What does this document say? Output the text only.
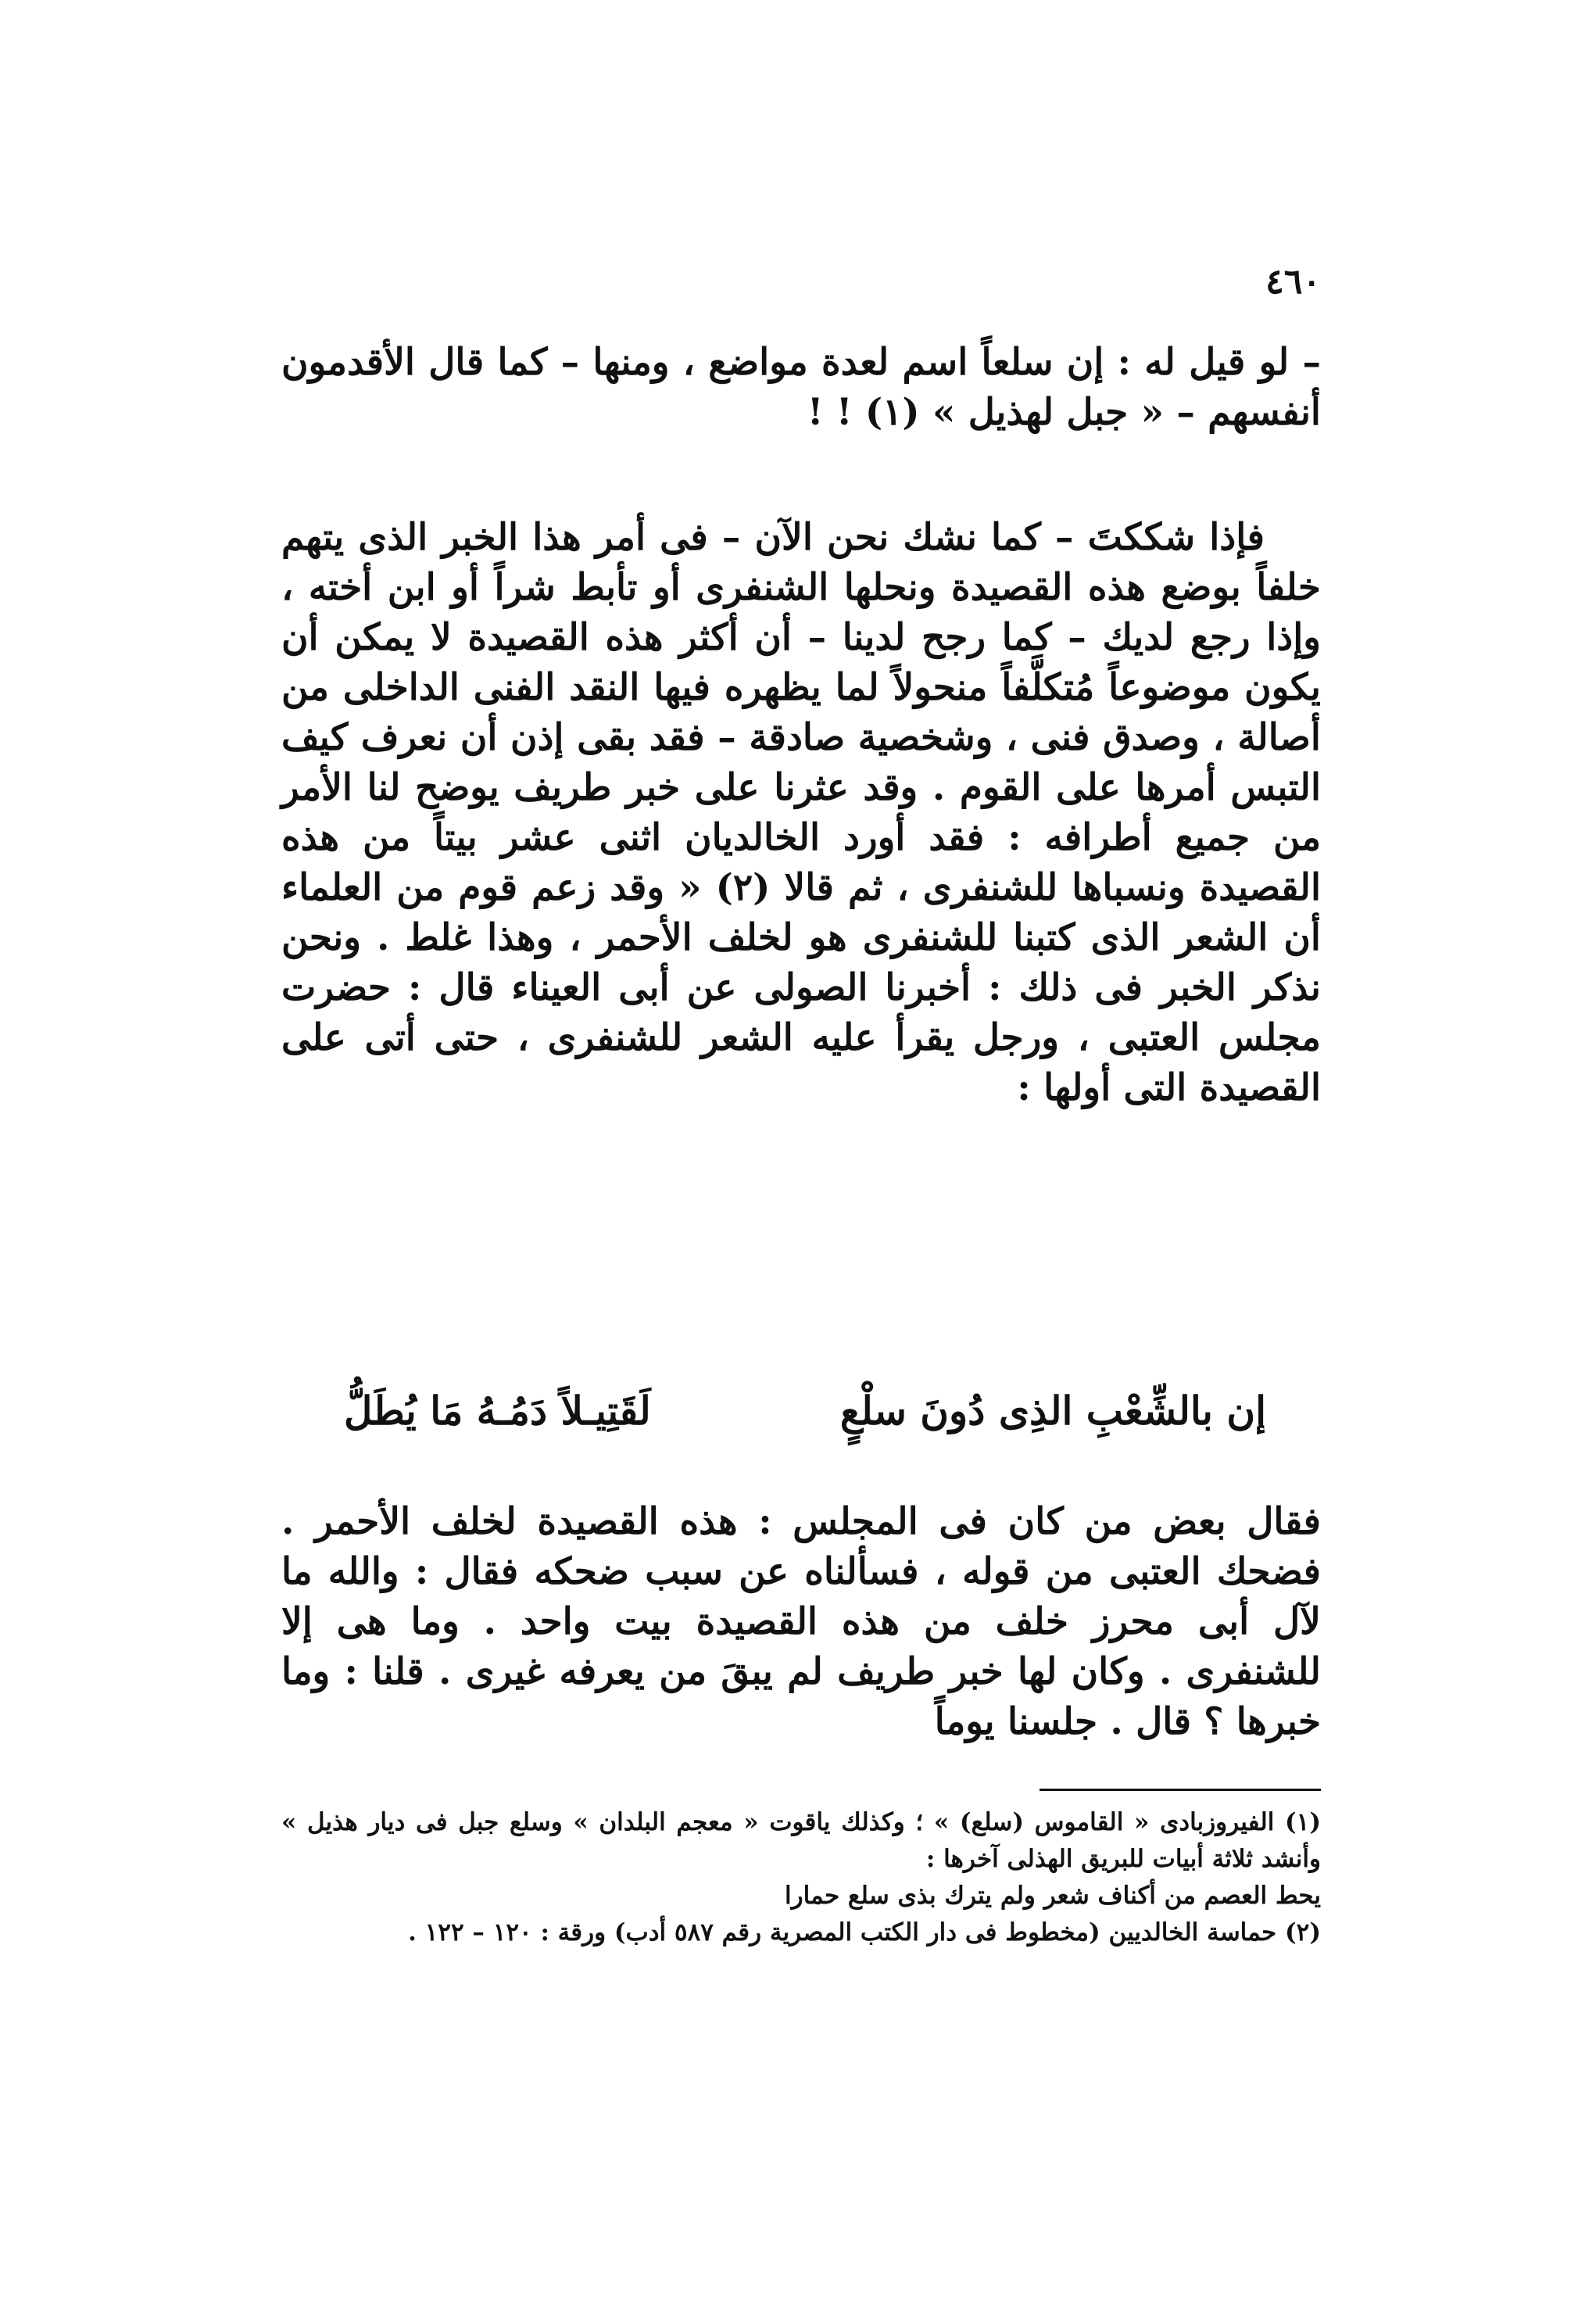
٤٦٠

– لو قيل له : إن سلعاً اسم لعدة مواضع ، ومنها – كما قال الأقدمون أنفسهم – « جبل لهذيل » (١) ! !

فإذا شككتَ – كما نشك نحن الآن – فى أمر هذا الخبر الذى يتهم خلفاً بوضع هذه القصيدة ونحلها الشنفرى أو تأبط شراً أو ابن أخته ، وإذا رجع لديك – كما رجح لدينا – أن أكثر هذه القصيدة لا يمكن أن يكون موضوعاً مُتكلَّفاً منحولاً لما يظهره فيها النقد الفنى الداخلى من أصالة ، وصدق فنى ، وشخصية صادقة – فقد بقى إذن أن نعرف كيف التبس أمرها على القوم . وقد عثرنا على خبر طريف يوضح لنا الأمر من جميع أطرافه : فقد أورد الخالديان اثنى عشر بيتاً من هذه القصيدة ونسباها للشنفرى ، ثم قالا (٢) « وقد زعم قوم من العلماء أن الشعر الذى كتبنا للشنفرى هو لخلف الأحمر ، وهذا غلط . ونحن نذكر الخبر فى ذلك : أخبرنا الصولى عن أبى العيناء قال : حضرت مجلس العتبى ، ورجل يقرأ عليه الشعر للشنفرى ، حتى أتى على القصيدة التى أولها :

إن بالشِّعْبِ الذِى دُونَ سلْعٍ
لَقَتِيـلاً دَمُـهُ مَا يُطَلُّ

فقال بعض من كان فى المجلس : هذه القصيدة لخلف الأحمر . فضحك العتبى من قوله ، فسألناه عن سبب ضحكه فقال : والله ما لآل أبى محرز خلف من هذه القصيدة بيت واحد . وما هى إلا للشنفرى . وكان لها خبر طريف لم يبقَ من يعرفه غيرى . قلنا : وما خبرها ؟ قال . جلسنا يوماً

(١) الفيروزبادى « القاموس (سلع) » ؛ وكذلك ياقوت « معجم البلدان » وسلع جبل فى ديار هذيل » وأنشد ثلاثة أبيات للبريق الهذلى آخرها :

يحط العصم من أكناف شعر ولم يترك بذى سلع حمارا

(٢) حماسة الخالديين (مخطوط فى دار الكتب المصرية رقم ٥٨٧ أدب) ورقة : ١٢٠ – ١٢٢ .
